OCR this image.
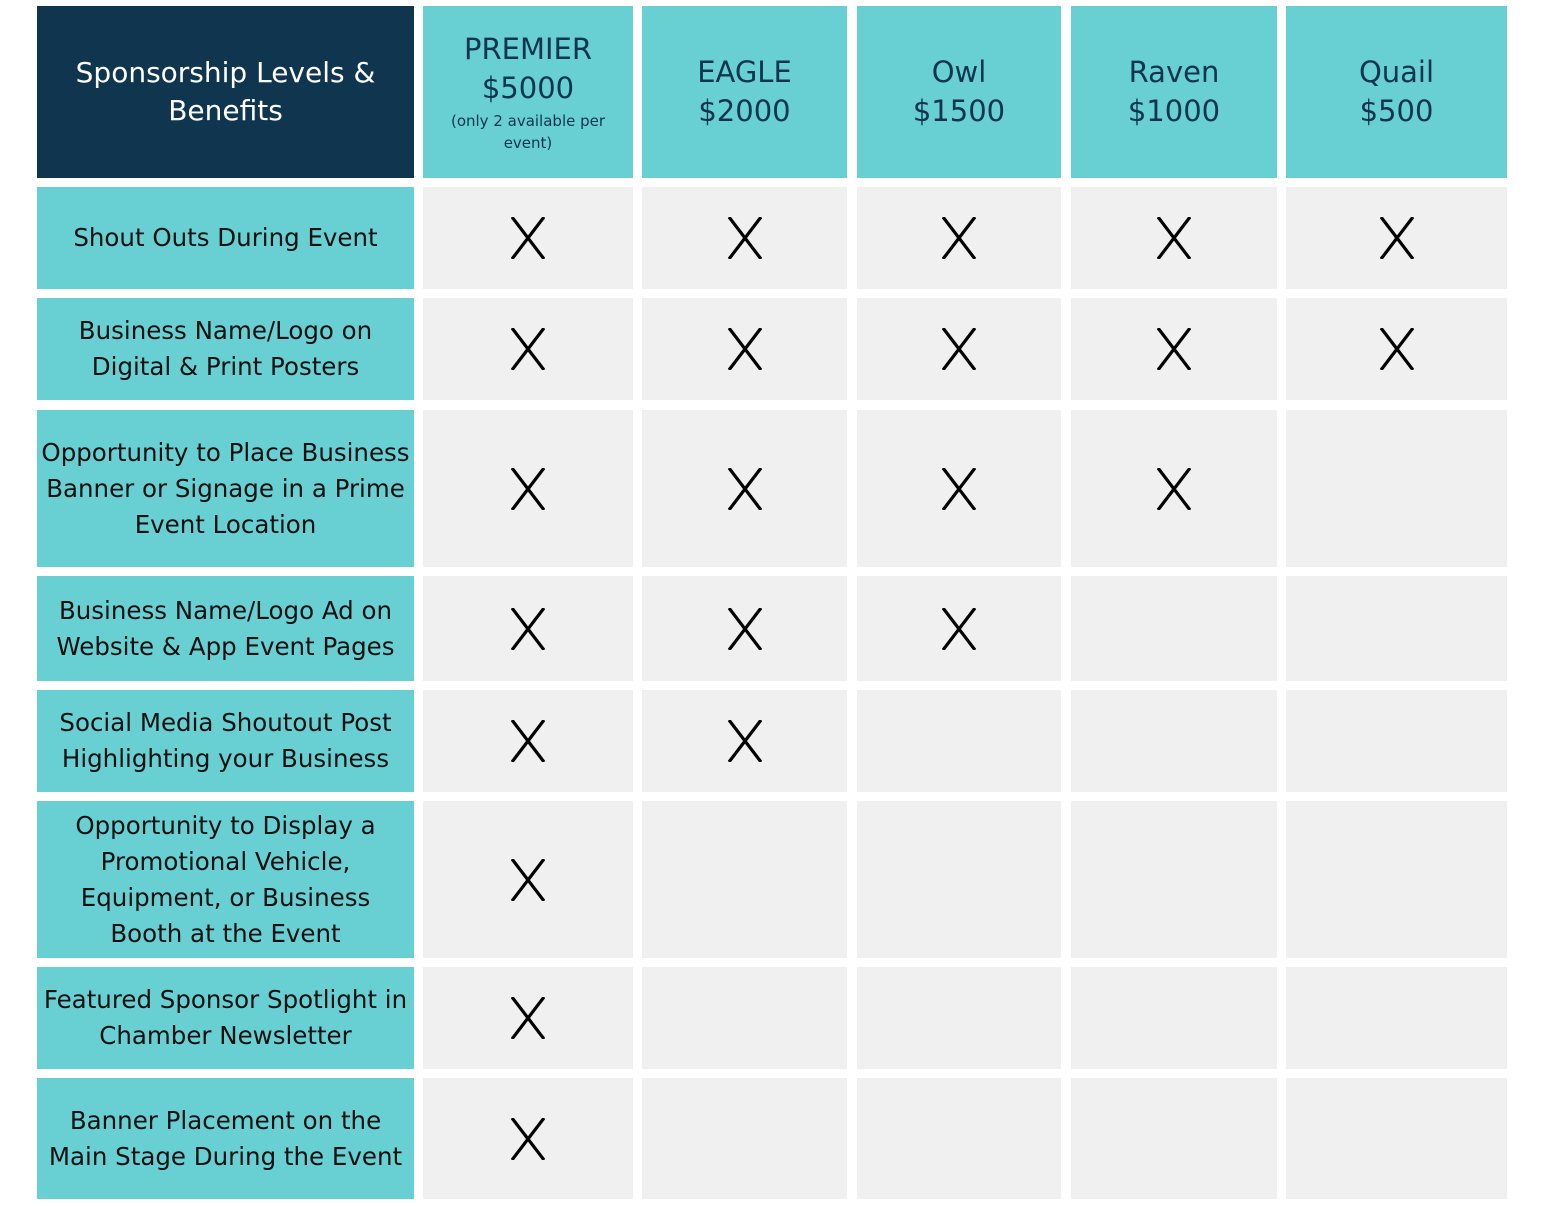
Sponsorship Levels & Benefits
PREMIER
$5000
(only 2 available per event)
EAGLE
$2000
Owl
$1500
Raven
$1000
Quail
$500
Shout Outs During Event
Business Name/Logo on Digital & Print Posters
Opportunity to Place Business Banner or Signage in a Prime Event Location
Business Name/Logo Ad on Website & App Event Pages
Social Media Shoutout Post Highlighting your Business
Opportunity to Display a Promotional Vehicle, Equipment, or Business Booth at the Event
Featured Sponsor Spotlight in Chamber Newsletter
Banner Placement on the Main Stage During the Event
